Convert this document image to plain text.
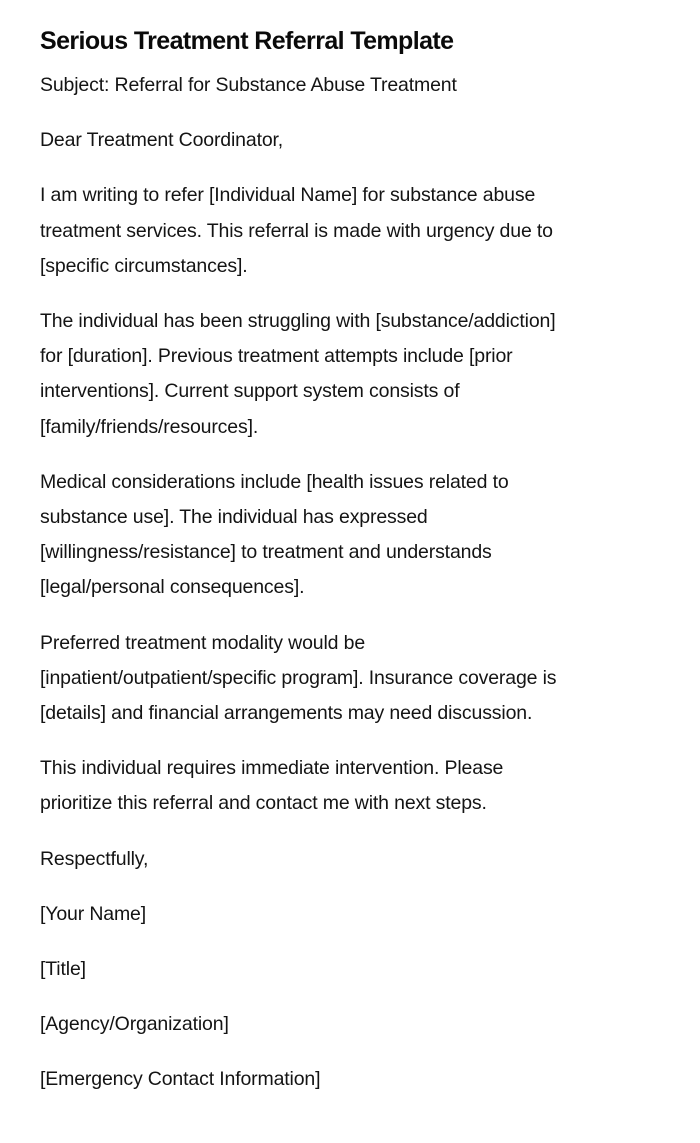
Serious Treatment Referral Template

Subject: Referral for Substance Abuse Treatment

Dear Treatment Coordinator,

I am writing to refer [Individual Name] for substance abuse
treatment services. This referral is made with urgency due to
[specific circumstances].

The individual has been struggling with [substance/addiction]
for [duration]. Previous treatment attempts include [prior
interventions]. Current support system consists of
[family/friends/resources].

Medical considerations include [health issues related to
substance use]. The individual has expressed
[willingness/resistance] to treatment and understands
[legal/personal consequences].

Preferred treatment modality would be
[inpatient/outpatient/specific program]. Insurance coverage is
[details] and financial arrangements may need discussion.

This individual requires immediate intervention. Please
prioritize this referral and contact me with next steps.

Respectfully,

[Your Name]

[Title]

[Agency/Organization]

[Emergency Contact Information]
